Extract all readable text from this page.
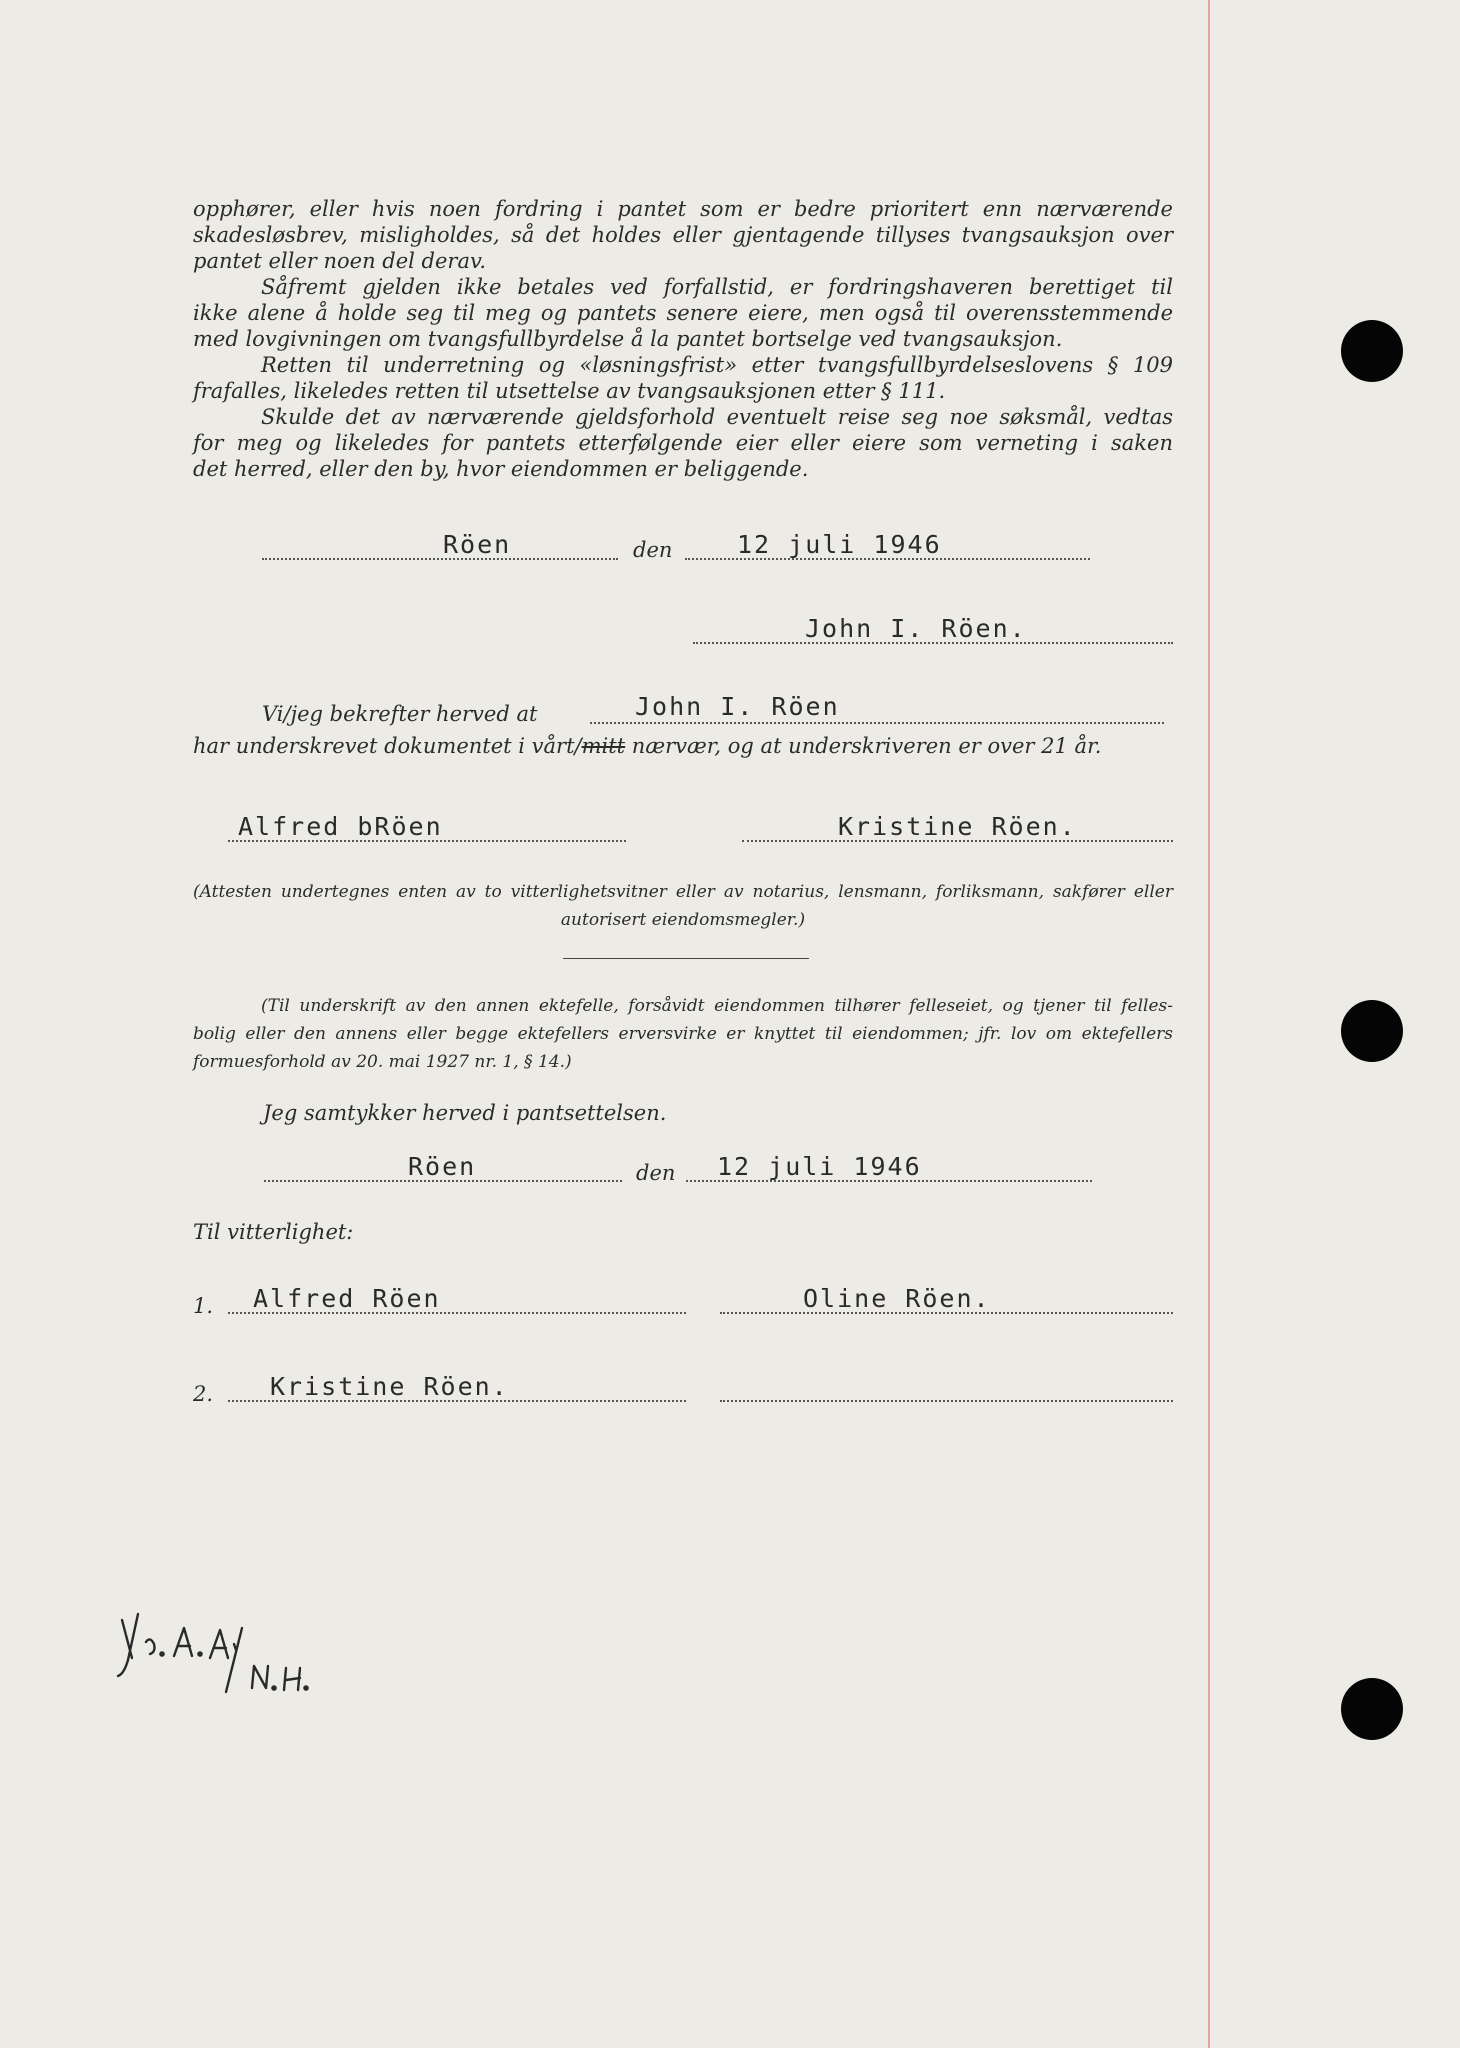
opphører, eller hvis noen fordring i pantet som er bedre prioritert enn nærværende
skadesløsbrev, misligholdes, så det holdes eller gjentagende tillyses tvangsauksjon over
pantet eller noen del derav.
Såfremt gjelden ikke betales ved forfallstid, er fordringshaveren berettiget til
ikke alene å holde seg til meg og pantets senere eiere, men også til overensstemmende
med lovgivningen om tvangsfullbyrdelse å la pantet bortselge ved tvangsauksjon.
Retten til underretning og «løsningsfrist» etter tvangsfullbyrdelseslovens § 109
frafalles, likeledes retten til utsettelse av tvangsauksjonen etter § 111.
Skulde det av nærværende gjeldsforhold eventuelt reise seg noe søksmål, vedtas
for meg og likeledes for pantets etterfølgende eier eller eiere som verneting i saken
det herred, eller den by, hvor eiendommen er beliggende.
Röen	den	12 juli 1946
John I. Röen.
Vi/jeg bekrefter herved at	John I. Röen
har underskrevet dokumentet i vårt/mitt nærvær, og at underskriveren er over 21 år.
Alfred bRöen	Kristine Röen.
(Attesten undertegnes enten av to vitterlighetsvitner eller av notarius, lensmann, forliksmann, sakfører eller
autorisert eiendomsmegler.)
(Til underskrift av den annen ektefelle, forsåvidt eiendommen tilhører felleseiet, og tjener til felles-
bolig eller den annens eller begge ektefellers erversvirke er knyttet til eiendommen; jfr. lov om ektefellers
formuesforhold av 20. mai 1927 nr. 1, § 14.)
Jeg samtykker herved i pantsettelsen.
Röen	den 12 juli 1946
Til vitterlighet:
1. Alfred Röen	Oline Röen.
2. Kristine Röen.
